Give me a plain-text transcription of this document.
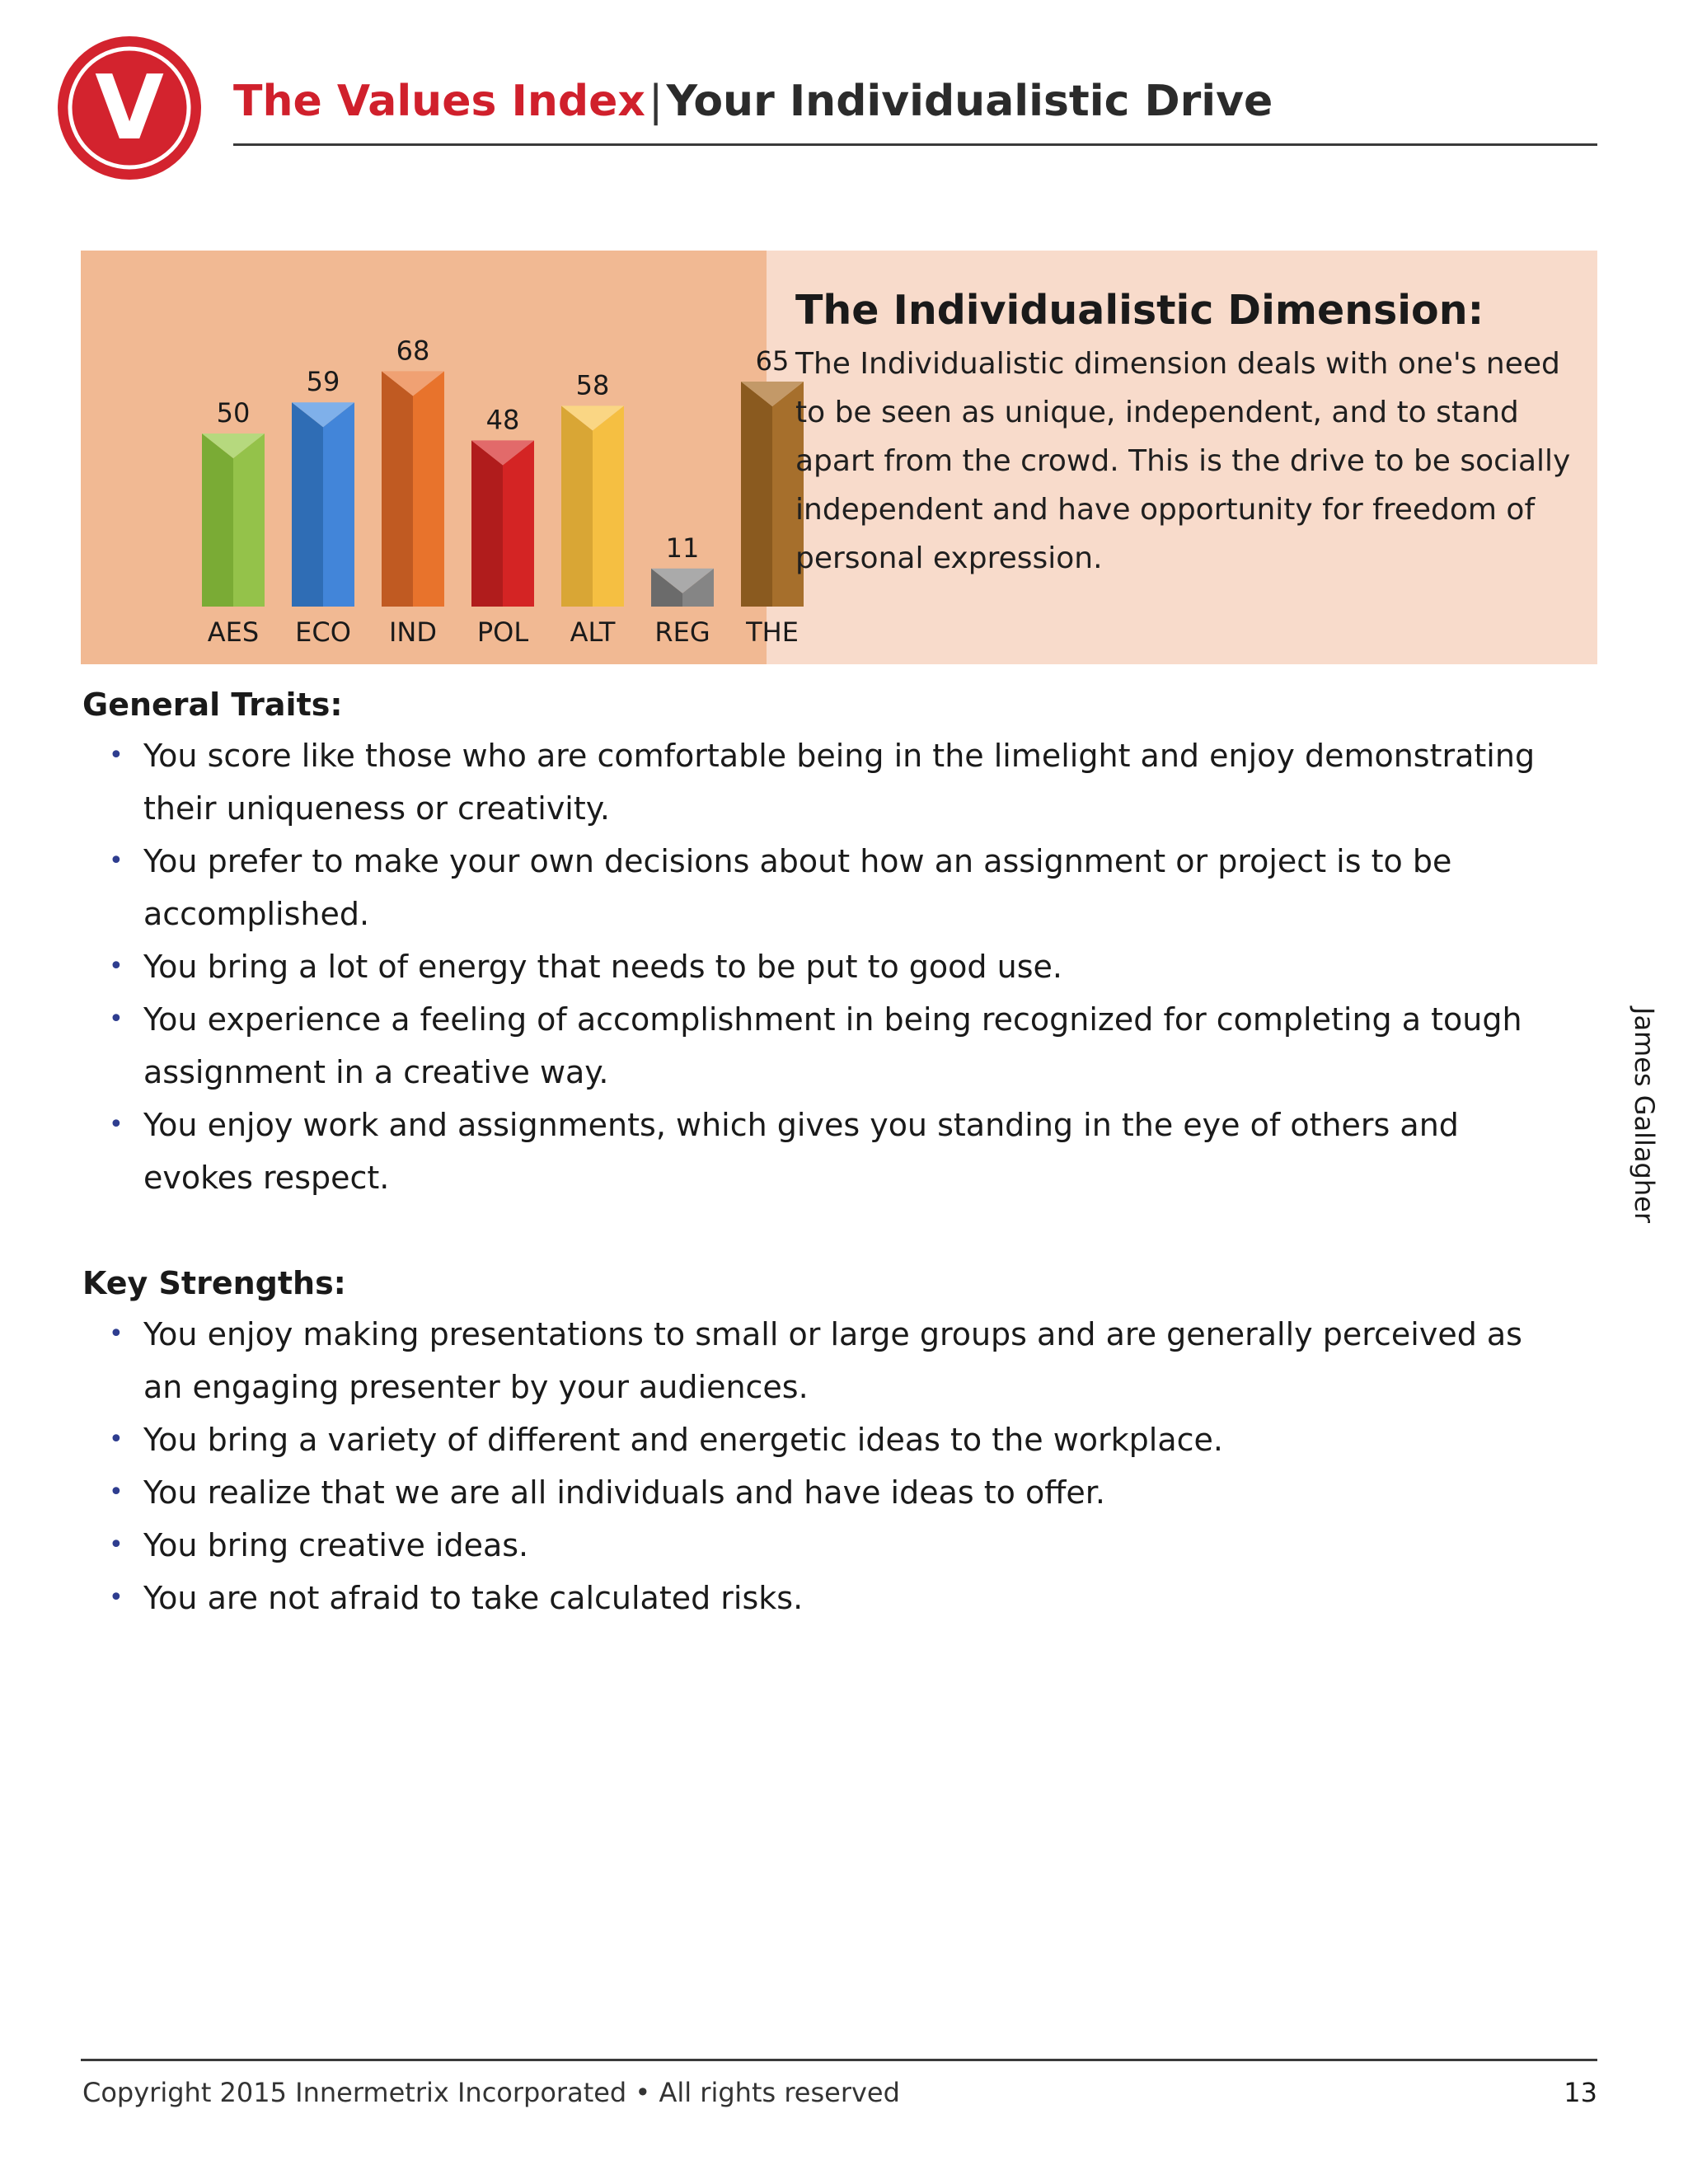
V The Values Index|Your Individualistic Drive
50
AES
59
ECO
68
IND
48
POL
58
ALT
11
REG
65
THE
The Individualistic Dimension:
The Individualistic dimension deals with one's need to be seen as unique, independent, and to stand apart from the crowd. This is the drive to be socially independent and have opportunity for freedom of personal expression.
General Traits:
• You score like those who are comfortable being in the limelight and enjoy demonstrating their uniqueness or creativity.
• You prefer to make your own decisions about how an assignment or project is to be accomplished.
• You bring a lot of energy that needs to be put to good use.
• You experience a feeling of accomplishment in being recognized for completing a tough assignment in a creative way.
• You enjoy work and assignments, which gives you standing in the eye of others and evokes respect.
Key Strengths:
• You enjoy making presentations to small or large groups and are generally perceived as an engaging presenter by your audiences.
• You bring a variety of different and energetic ideas to the workplace.
• You realize that we are all individuals and have ideas to offer.
• You bring creative ideas.
• You are not afraid to take calculated risks.
James Gallagher
Copyright 2015 Innermetrix Incorporated • All rights reserved	13
